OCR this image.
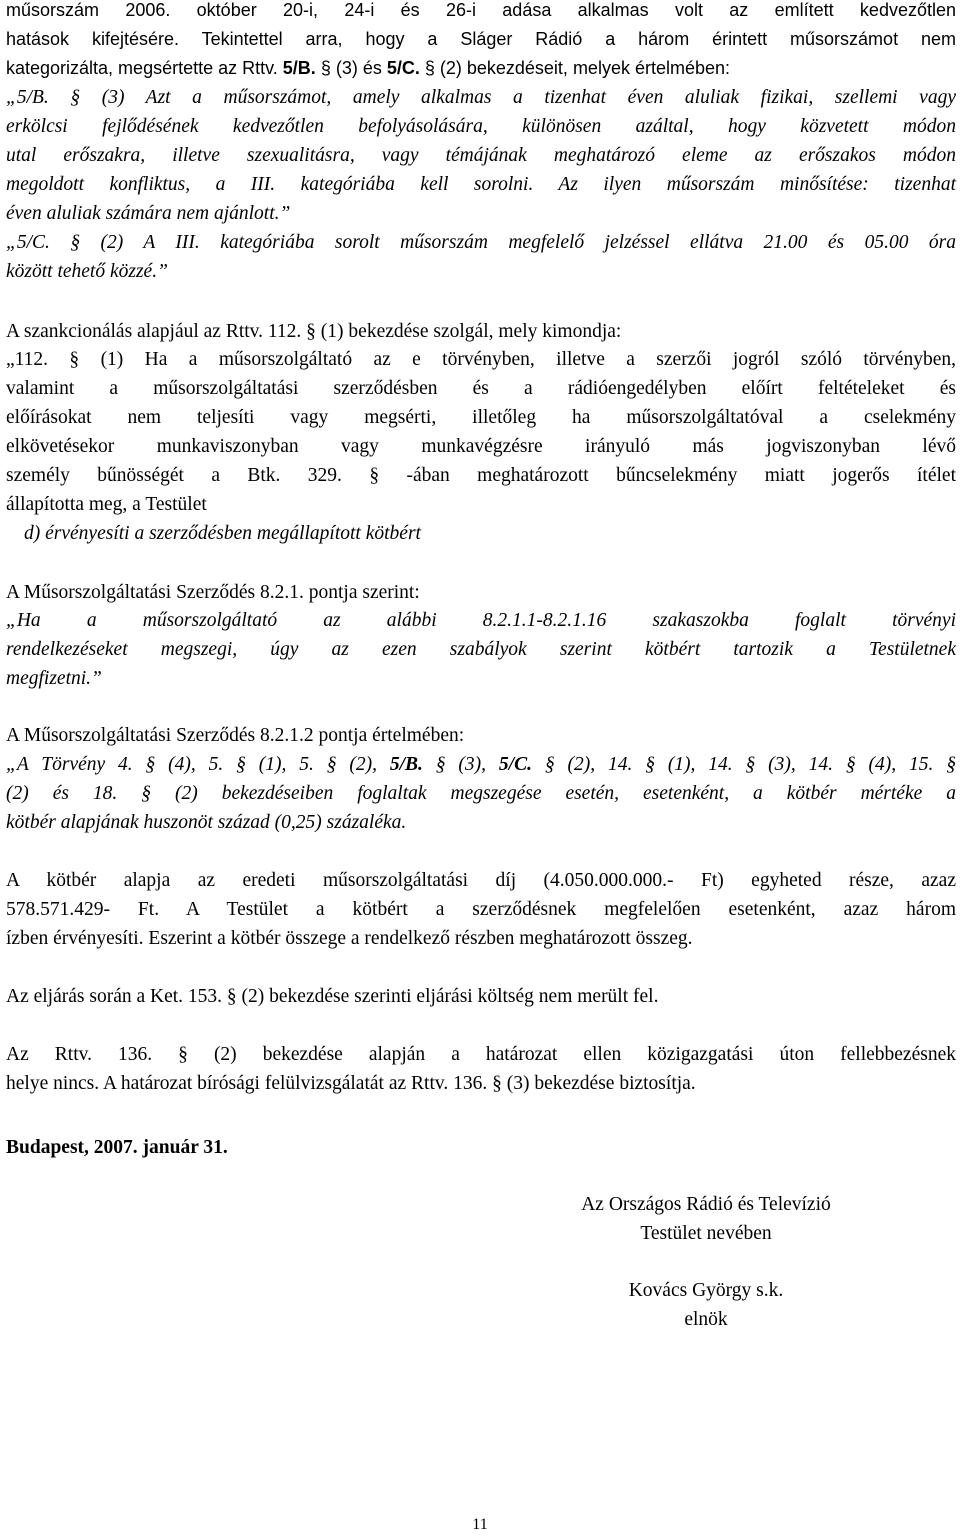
műsorszám 2006. október 20-i, 24-i és 26-i adása alkalmas volt az említett kedvezőtlen
hatások kifejtésére. Tekintettel arra, hogy a Sláger Rádió a három érintett műsorszámot nem
kategorizálta, megsértette az Rttv. 5/B. § (3) és 5/C. § (2) bekezdéseit, melyek értelmében:
„5/B. § (3) Azt a műsorszámot, amely alkalmas a tizenhat éven aluliak fizikai, szellemi vagy
erkölcsi fejlődésének kedvezőtlen befolyásolására, különösen azáltal, hogy közvetett módon
utal erőszakra, illetve szexualitásra, vagy témájának meghatározó eleme az erőszakos módon
megoldott konfliktus, a III. kategóriába kell sorolni. Az ilyen műsorszám minősítése: tizenhat
éven aluliak számára nem ajánlott.”
„5/C. § (2) A III. kategóriába sorolt műsorszám megfelelő jelzéssel ellátva 21.00 és 05.00 óra
között tehető közzé.”
A szankcionálás alapjául az Rttv. 112. § (1) bekezdése szolgál, mely kimondja:
„112. § (1) Ha a műsorszolgáltató az e törvényben, illetve a szerzői jogról szóló törvényben,
valamint a műsorszolgáltatási szerződésben és a rádióengedélyben előírt feltételeket és
előírásokat nem teljesíti vagy megsérti, illetőleg ha műsorszolgáltatóval a cselekmény
elkövetésekor munkaviszonyban vagy munkavégzésre irányuló más jogviszonyban lévő
személy bűnösségét a Btk. 329. § -ában meghatározott bűncselekmény miatt jogerős ítélet
állapította meg, a Testület
d) érvényesíti a szerződésben megállapított kötbért
A Műsorszolgáltatási Szerződés 8.2.1. pontja szerint:
„Ha a műsorszolgáltató az alábbi 8.2.1.1-8.2.1.16 szakaszokba foglalt törvényi
rendelkezéseket megszegi, úgy az ezen szabályok szerint kötbért tartozik a Testületnek
megfizetni.”
A Műsorszolgáltatási Szerződés 8.2.1.2 pontja értelmében:
„A Törvény 4. § (4), 5. § (1), 5. § (2), 5/B. § (3), 5/C. § (2), 14. § (1), 14. § (3), 14. § (4), 15. §
(2) és 18. § (2) bekezdéseiben foglaltak megszegése esetén, esetenként, a kötbér mértéke a
kötbér alapjának huszonöt század (0,25) százaléka.
A kötbér alapja az eredeti műsorszolgáltatási díj (4.050.000.000.- Ft) egyheted része, azaz
578.571.429- Ft. A Testület a kötbért a szerződésnek megfelelően esetenként, azaz három
ízben érvényesíti. Eszerint a kötbér összege a rendelkező részben meghatározott összeg.
Az eljárás során a Ket. 153. § (2) bekezdése szerinti eljárási költség nem merült fel.
Az Rttv. 136. § (2) bekezdése alapján a határozat ellen közigazgatási úton fellebbezésnek
helye nincs. A határozat bírósági felülvizsgálatát az Rttv. 136. § (3) bekezdése biztosítja.
Budapest, 2007. január 31.
Az Országos Rádió és Televízió
Testület nevében
Kovács György s.k.
elnök
11
